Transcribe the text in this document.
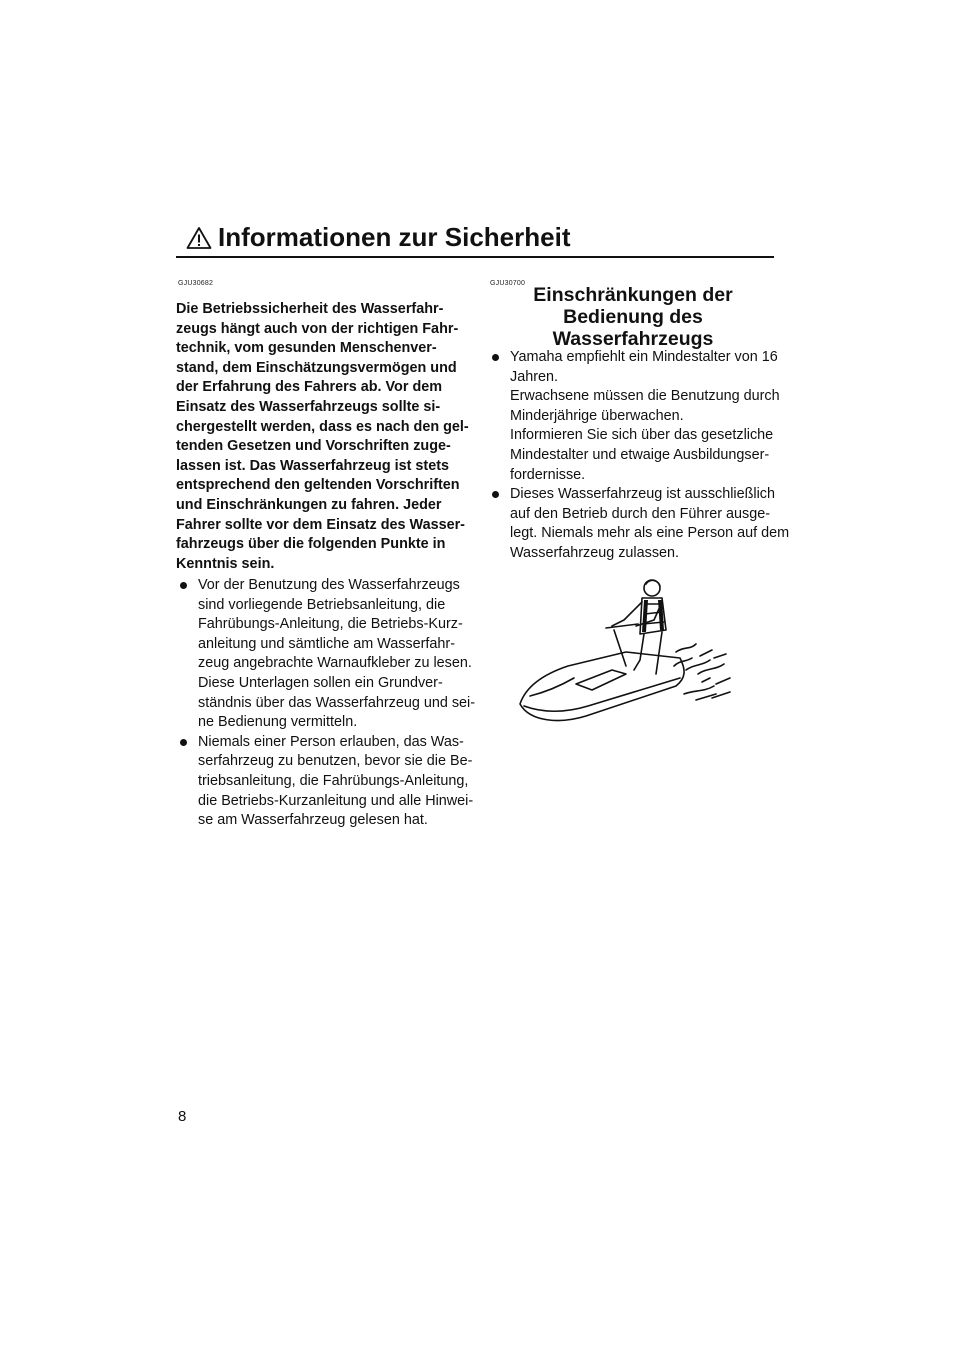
Informationen zur Sicherheit
GJU30682
Die Betriebssicherheit des Wasserfahr-
zeugs hängt auch von der richtigen Fahr-
technik, vom gesunden Menschenver-
stand, dem Einschätzungsvermögen und
der Erfahrung des Fahrers ab. Vor dem
Einsatz des Wasserfahrzeugs sollte si-
chergestellt werden, dass es nach den gel-
tenden Gesetzen und Vorschriften zuge-
lassen ist. Das Wasserfahrzeug ist stets
entsprechend den geltenden Vorschriften
und Einschränkungen zu fahren. Jeder
Fahrer sollte vor dem Einsatz des Wasser-
fahrzeugs über die folgenden Punkte in
Kenntnis sein.
Vor der Benutzung des Wasserfahrzeugs
sind vorliegende Betriebsanleitung, die
Fahrübungs-Anleitung, die Betriebs-Kurz-
anleitung und sämtliche am Wasserfahr-
zeug angebrachte Warnaufkleber zu lesen.
Diese Unterlagen sollen ein Grundver-
ständnis über das Wasserfahrzeug und sei-
ne Bedienung vermitteln.
Niemals einer Person erlauben, das Was-
serfahrzeug zu benutzen, bevor sie die Be-
triebsanleitung, die Fahrübungs-Anleitung,
die Betriebs-Kurzanleitung und alle Hinwei-
se am Wasserfahrzeug gelesen hat.
GJU30700
Einschränkungen der
Bedienung des
Wasserfahrzeugs
Yamaha empfiehlt ein Mindestalter von 16
Jahren.
Erwachsene müssen die Benutzung durch
Minderjährige überwachen.
Informieren Sie sich über das gesetzliche
Mindestalter und etwaige Ausbildungser-
fordernisse.
Dieses Wasserfahrzeug ist ausschließlich
auf den Betrieb durch den Führer ausge-
legt. Niemals mehr als eine Person auf dem
Wasserfahrzeug zulassen.
8
